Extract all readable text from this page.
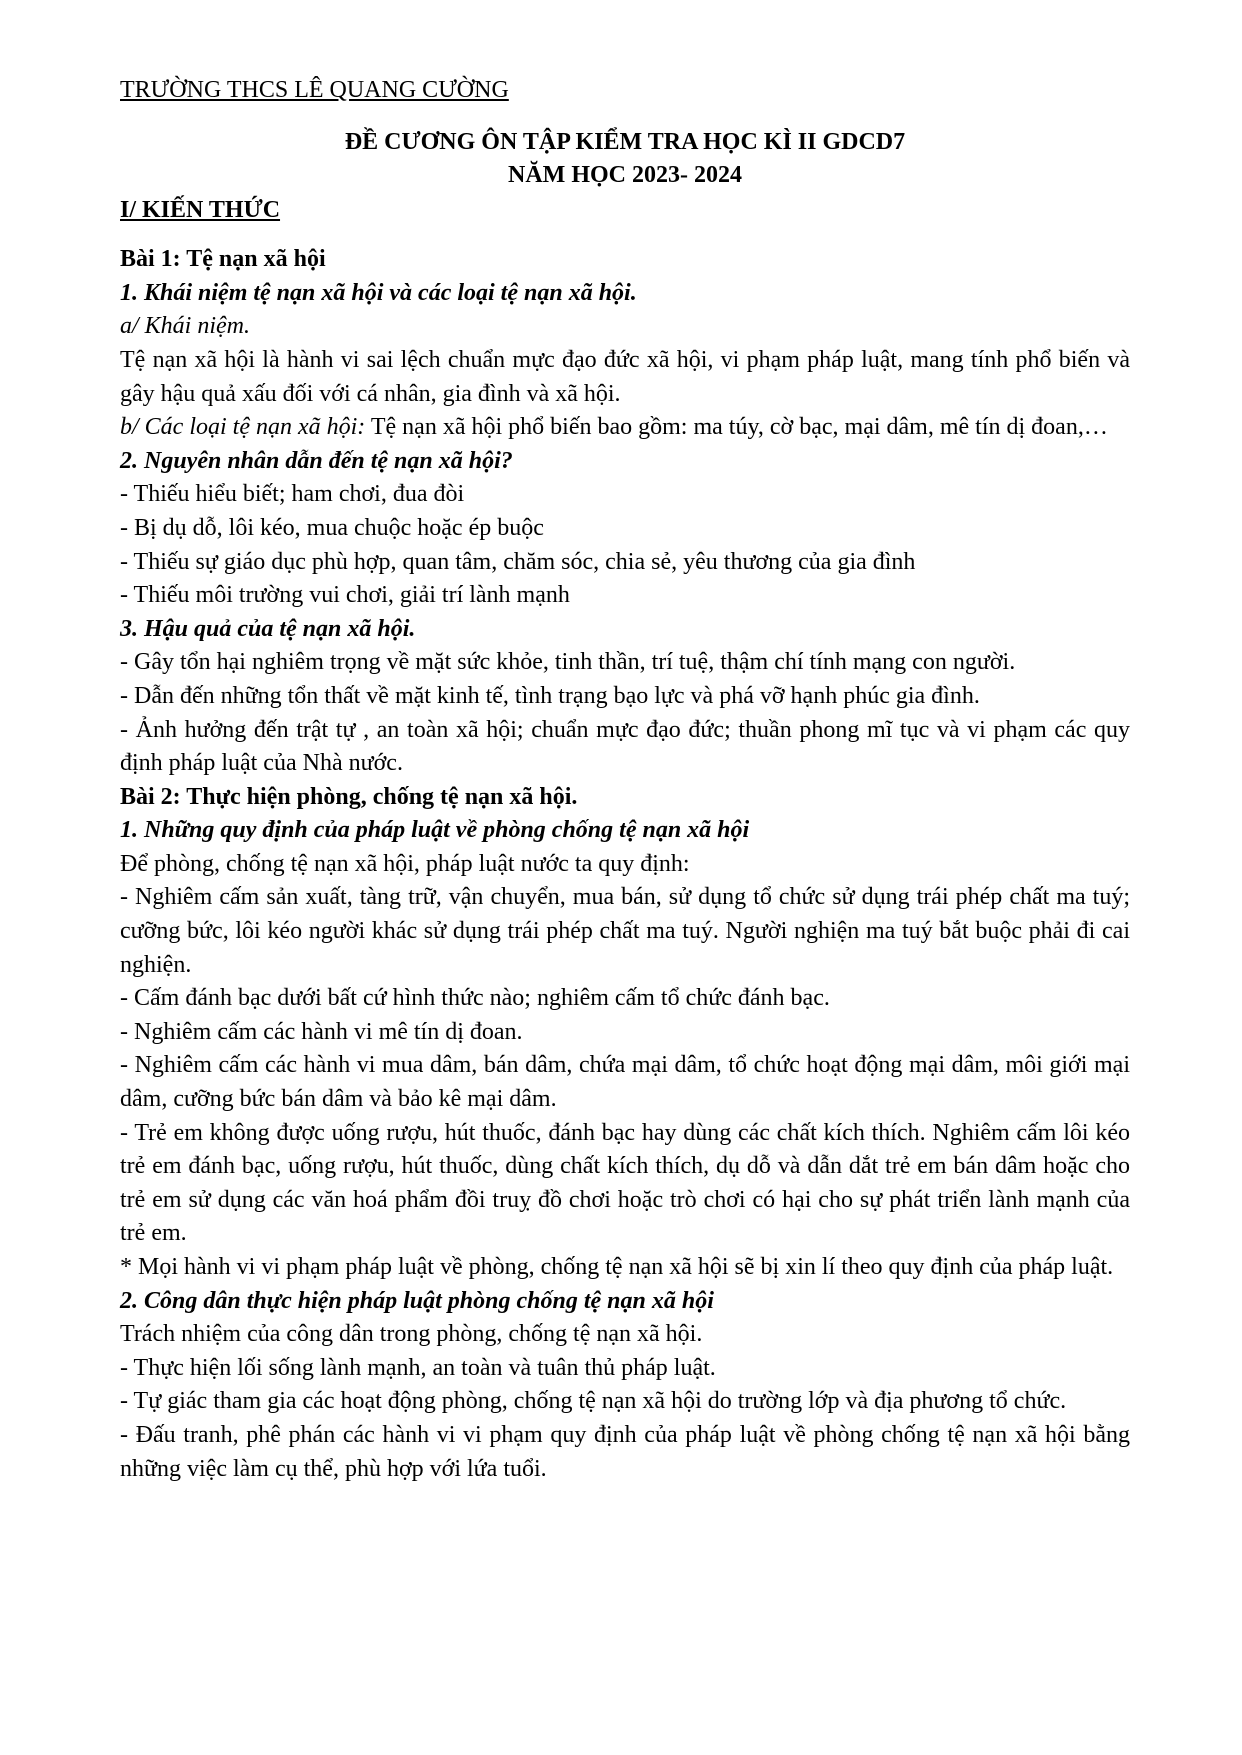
TRƯỜNG THCS LÊ QUANG CƯỜNG

ĐỀ CƯƠNG ÔN TẬP KIỂM TRA HỌC KÌ II GDCD7

NĂM HỌC 2023- 2024

I/ KIẾN THỨC

Bài 1: Tệ nạn xã hội

1. Khái niệm tệ nạn xã hội và các loại tệ nạn xã hội.

a/ Khái niệm.

Tệ nạn xã hội là hành vi sai lệch chuẩn mực đạo đức xã hội, vi phạm pháp luật, mang tính phổ biến và gây hậu quả xấu đối với cá nhân, gia đình và xã hội.

b/ Các loại tệ nạn xã hội: Tệ nạn xã hội phổ biến bao gồm: ma túy, cờ bạc, mại dâm, mê tín dị đoan,…

2. Nguyên nhân dẫn đến tệ nạn xã hội?

- Thiếu hiểu biết; ham chơi, đua đòi

- Bị dụ dỗ, lôi kéo, mua chuộc hoặc ép buộc

- Thiếu sự giáo dục phù hợp, quan tâm, chăm sóc, chia sẻ, yêu thương của gia đình

- Thiếu môi trường vui chơi, giải trí lành mạnh

3. Hậu quả của tệ nạn xã hội.

- Gây tổn hại nghiêm trọng về mặt sức khỏe, tinh thần, trí tuệ, thậm chí tính mạng con người.

- Dẫn đến những tổn thất về mặt kinh tế, tình trạng bạo lực và phá vỡ hạnh phúc gia đình.

- Ảnh hưởng đến trật tự , an toàn xã hội; chuẩn mực đạo đức; thuần phong mĩ tục và vi phạm các quy định pháp luật của Nhà nước.

Bài 2: Thực hiện phòng, chống tệ nạn xã hội.

1. Những quy định của pháp luật về phòng chống tệ nạn xã hội

Để phòng, chống tệ nạn xã hội, pháp luật nước ta quy định:

- Nghiêm cấm sản xuất, tàng trữ, vận chuyển, mua bán, sử dụng tổ chức sử dụng trái phép chất ma tuý; cưỡng bức, lôi kéo người khác sử dụng trái phép chất ma tuý. Người nghiện ma tuý bắt buộc phải đi cai nghiện.

- Cấm đánh bạc dưới bất cứ hình thức nào; nghiêm cấm tổ chức đánh bạc.

- Nghiêm cấm các hành vi mê tín dị đoan.

- Nghiêm cấm các hành vi mua dâm, bán dâm, chứa mại dâm, tổ chức hoạt động mại dâm, môi giới mại dâm, cưỡng bức bán dâm và bảo kê mại dâm.

- Trẻ em không được uống rượu, hút thuốc, đánh bạc hay dùng các chất kích thích. Nghiêm cấm lôi kéo trẻ em đánh bạc, uống rượu, hút thuốc, dùng chất kích thích, dụ dỗ và dẫn dắt trẻ em bán dâm hoặc cho trẻ em sử dụng các văn hoá phẩm đồi truỵ đồ chơi hoặc trò chơi có hại cho sự phát triển lành mạnh của trẻ em.

* Mọi hành vi vi phạm pháp luật về phòng, chống tệ nạn xã hội sẽ bị xin lí theo quy định của pháp luật.

2. Công dân thực hiện pháp luật phòng chống tệ nạn xã hội

Trách nhiệm của công dân trong phòng, chống tệ nạn xã hội.

- Thực hiện lối sống lành mạnh, an toàn và tuân thủ pháp luật.

- Tự giác tham gia các hoạt động phòng, chống tệ nạn xã hội do trường lớp và địa phương tổ chức.

- Đấu tranh, phê phán các hành vi vi phạm quy định của pháp luật về phòng chống tệ nạn xã hội bằng những việc làm cụ thể, phù hợp với lứa tuổi.
